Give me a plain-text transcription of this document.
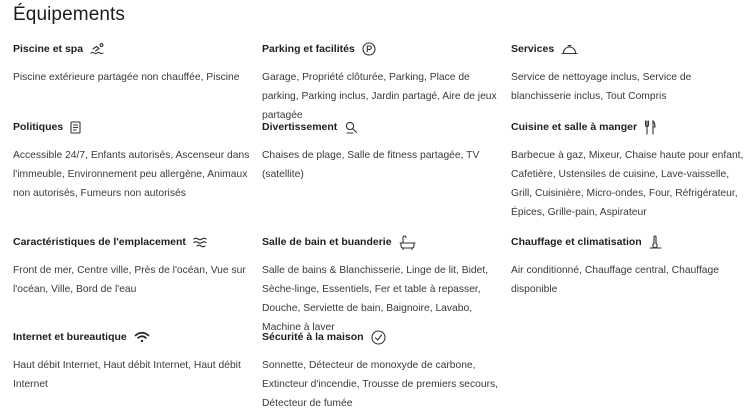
Équipements
Piscine et spa
Piscine extérieure partagée non chauffée, Piscine
Parking et facilités
Garage, Propriété clôturée, Parking, Place de parking, Parking inclus, Jardin partagé, Aire de jeux partagée
Services
Service de nettoyage inclus, Service de blanchisserie inclus, Tout Compris
Politiques
Accessible 24/7, Enfants autorisés, Ascenseur dans l'immeuble, Environnement peu allergène, Animaux non autorisés, Fumeurs non autorisés
Divertissement
Chaises de plage, Salle de fitness partagée, TV (satellite)
Cuisine et salle à manger
Barbecue à gaz, Mixeur, Chaise haute pour enfant, Cafetière, Ustensiles de cuisine, Lave-vaisselle, Grill, Cuisinière, Micro-ondes, Four, Réfrigérateur, Épices, Grille-pain, Aspirateur
Caractéristiques de l'emplacement
Front de mer, Centre ville, Près de l'océan, Vue sur l'océan, Ville, Bord de l'eau
Salle de bain et buanderie
Salle de bains & Blanchisserie, Linge de lit, Bidet, Sèche-linge, Essentiels, Fer et table à repasser, Douche, Serviette de bain, Baignoire, Lavabo, Machine à laver
Chauffage et climatisation
Air conditionné, Chauffage central, Chauffage disponible
Internet et bureautique
Haut débit Internet, Haut débit Internet, Haut débit Internet
Sécurité à la maison
Sonnette, Détecteur de monoxyde de carbone, Extincteur d'incendie, Trousse de premiers secours, Détecteur de fumée
